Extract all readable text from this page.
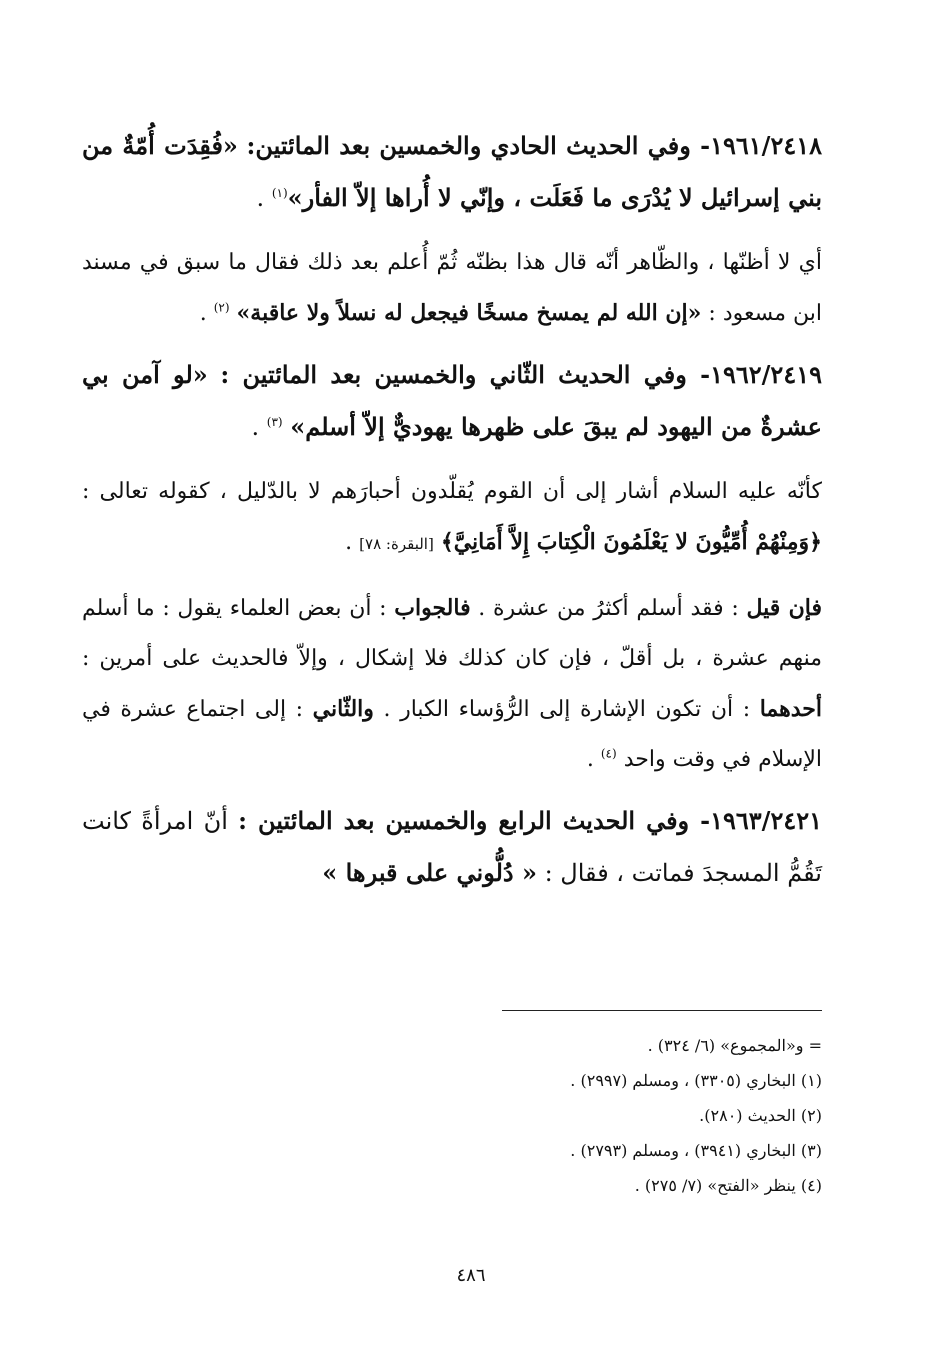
١٩٦١/٢٤١٨- وفي الحديث الحادي والخمسين بعد المائتين: «فُقِدَت أُمّةٌ من بني إسرائيل لا يُدْرَى ما فَعَلَت ، وإنّي لا أُراها إلاّ الفأر»$^{(١)}$ .

أي لا أظنّها ، والظّاهر أنّه قال هذا بظنّه ثُمّ أُعلم بعد ذلك فقال ما سبق في مسند ابن مسعود : «إن الله لم يمسخ مسخًا فيجعل له نسلاً ولا عاقبة» $^{(٢)}$ .

١٩٦٢/٢٤١٩- وفي الحديث الثّاني والخمسين بعد المائتين : «لو آمن بي عشرةٌ من اليهود لم يبقَ على ظهرها يهوديٌّ إلاّ أسلم» $^{(٣)}$ .

كأنّه عليه السلام أشار إلى أن القوم يُقلّدون أحبارَهم لا بالدّليل ، كقوله تعالى : ﴿وَمِنْهُمْ أُمِّيُّونَ لا يَعْلَمُونَ الْكِتابَ إِلاَّ أَمَانِيَّ﴾ [البقرة: ٧٨] .

فإن قيل : فقد أسلم أكثرُ من عشرة . فالجواب : أن بعض العلماء يقول : ما أسلم منهم عشرة ، بل أقلّ ، فإن كان كذلك فلا إشكال ، وإلاّ فالحديث على أمرين : أحدهما : أن تكون الإشارة إلى الرُّؤساء الكبار . والثّاني : إلى اجتماع عشرة في الإسلام في وقت واحد $^{(٤)}$ .

١٩٦٣/٢٤٢١- وفي الحديث الرابع والخمسين بعد المائتين : أنّ امرأةً كانت تَقُمُّ المسجدَ فماتت ، فقال : « دُلُّوني على قبرها »

= و«المجموع» (٦/ ٣٢٤) .
(١) البخاري (٣٣٠٥) ، ومسلم (٢٩٩٧) .
(٢) الحديث (٢٨٠).
(٣) البخاري (٣٩٤١) ، ومسلم (٢٧٩٣) .
(٤) ينظر «الفتح» (٧/ ٢٧٥) .
٤٨٦
